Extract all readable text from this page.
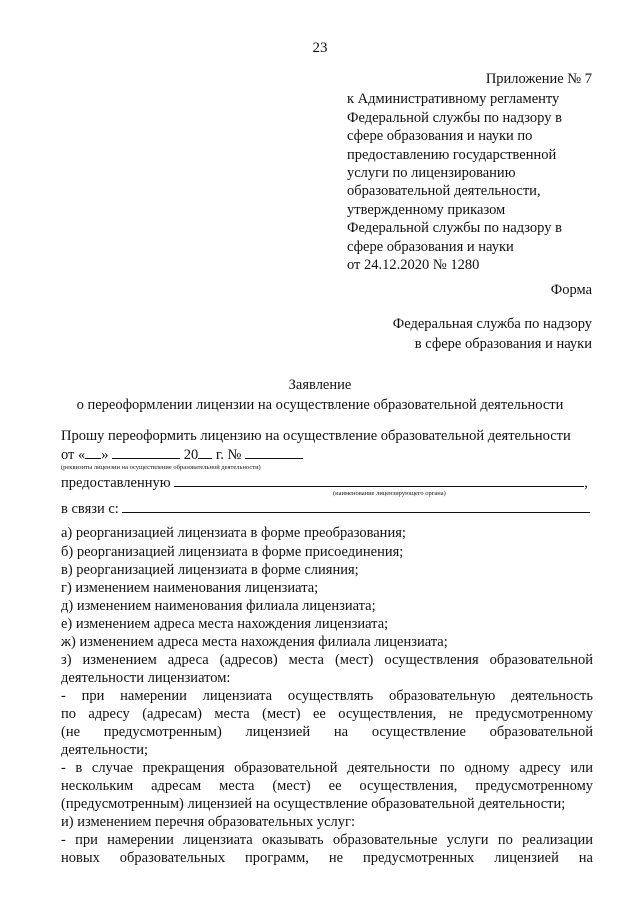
23
Приложение № 7
к Административному регламенту
Федеральной службы по надзору в
сфере образования и науки по
предоставлению государственной
услуги по лицензированию
образовательной деятельности,
утвержденному приказом
Федеральной службы по надзору в
сфере образования и науки
от 24.12.2020 № 1280
Форма
Федеральная служба по надзору
в сфере образования и науки
Заявление
о переоформлении лицензии на осуществление образовательной деятельности
Прошу переоформить лицензию на осуществление образовательной деятельности
от « »	20 г. №
(реквизиты лицензии на осуществление образовательной деятельности)
предоставленную	,
(наименование лицензирующего органа)
в связи с:
а) реорганизацией лицензиата в форме преобразования;
б) реорганизацией лицензиата в форме присоединения;
в) реорганизацией лицензиата в форме слияния;
г) изменением наименования лицензиата;
д) изменением наименования филиала лицензиата;
е) изменением адреса места нахождения лицензиата;
ж) изменением адреса места нахождения филиала лицензиата;
з) изменением адреса (адресов) места (мест) осуществления образовательной
деятельности лицензиатом:
- при намерении лицензиата осуществлять образовательную деятельность
по адресу (адресам) места (мест) ее осуществления, не предусмотренному
(не предусмотренным) лицензией на осуществление образовательной
деятельности;
- в случае прекращения образовательной деятельности по одному адресу или
нескольким адресам места (мест) ее осуществления, предусмотренному
(предусмотренным) лицензией на осуществление образовательной деятельности;
и) изменением перечня образовательных услуг:
- при намерении лицензиата оказывать образовательные услуги по реализации
новых образовательных программ, не предусмотренных лицензией на
